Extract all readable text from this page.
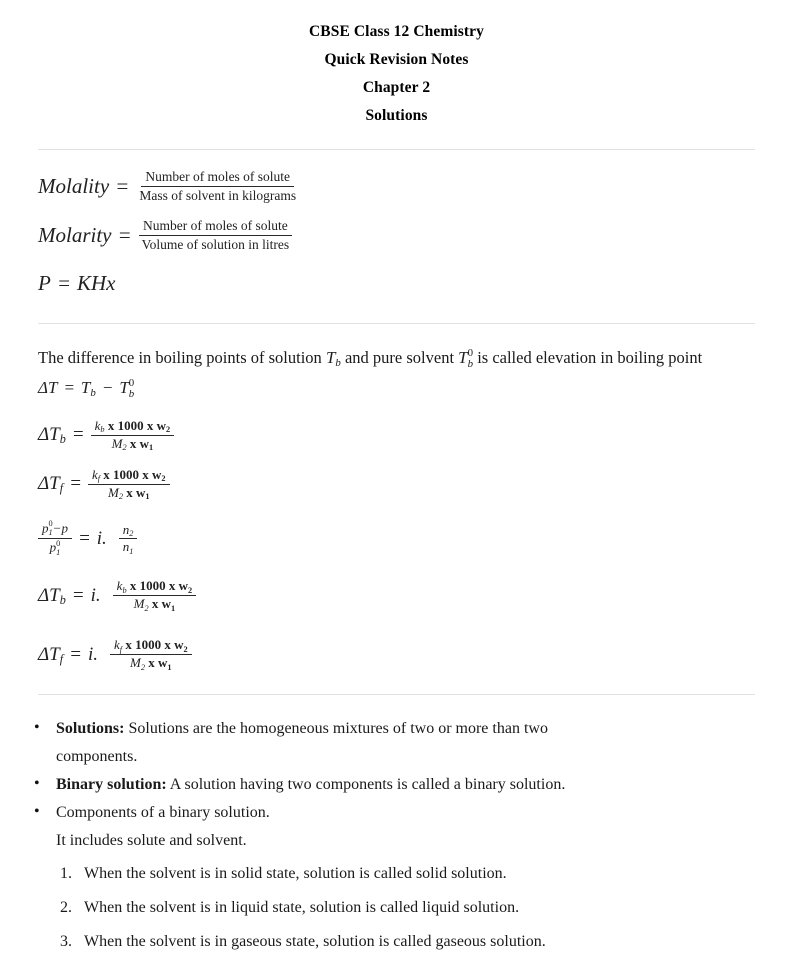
CBSE Class 12 Chemistry
Quick Revision Notes
Chapter 2
Solutions
Molality = $\frac{\text{Number of moles of solute}}{\text{Mass of solvent in kilograms}}$
Molarity = $\frac{\text{Number of moles of solute}}{\text{Volume of solution in litres}}$
P = KHx
The difference in boiling points of solution $T_b$ and pure solvent T 0
b is called elevation in boiling point $\Delta T = T_b - T$ 0
b
$\Delta T_b = \frac{k_b x 1000 x w_2}{M_2 x w_1}$
$\Delta T_f = \frac{k_f x 1000 x w_2}{M_2 x w_1}$
p 0
1 −p
p 0
1 = i. $\frac{n_2}{n_1}$
$\Delta T_b = i$. $\frac{k_b x 1000 x w_2}{M_2 x w_1}$
$\Delta T_f = i$. $\frac{k_f x 1000 x w_2}{M_2 x w_1}$
• Solutions: Solutions are the homogeneous mixtures of two or more than two
components.
• Binary solution: A solution having two components is called a binary solution.
• Components of a binary solution.
It includes solute and solvent.
1. When the solvent is in solid state, solution is called solid solution.
2. When the solvent is in liquid state, solution is called liquid solution.
3. When the solvent is in gaseous state, solution is called gaseous solution.
